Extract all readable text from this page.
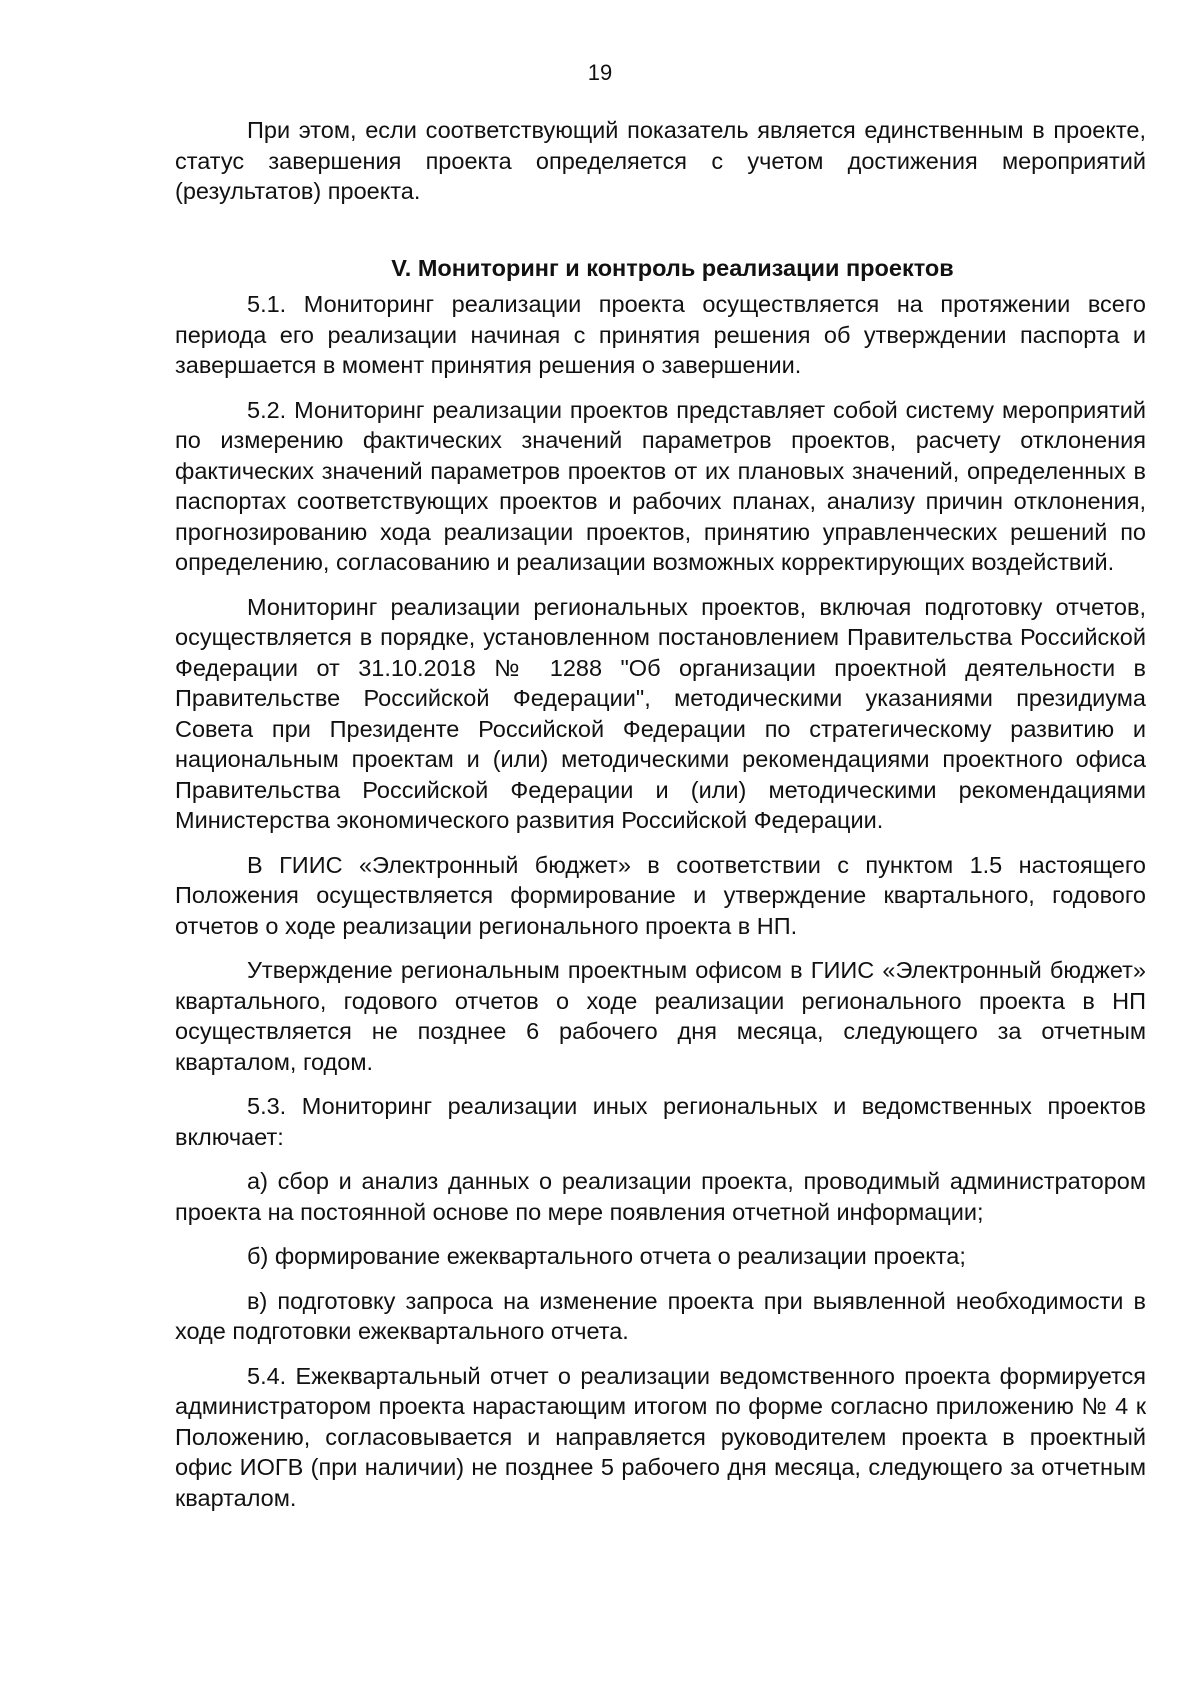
19

При этом, если соответствующий показатель является единственным в проекте, статус завершения проекта определяется с учетом достижения мероприятий (результатов) проекта.

V. Мониторинг и контроль реализации проектов

5.1. Мониторинг реализации проекта осуществляется на протяжении всего периода его реализации начиная с принятия решения об утверждении паспорта и завершается в момент принятия решения о завершении.

5.2. Мониторинг реализации проектов представляет собой систему мероприятий по измерению фактических значений параметров проектов, расчету отклонения фактических значений параметров проектов от их плановых значений, определенных в паспортах соответствующих проектов и рабочих планах, анализу причин отклонения, прогнозированию хода реализации проектов, принятию управленческих решений по определению, согласованию и реализации возможных корректирующих воздействий.

Мониторинг реализации региональных проектов, включая подготовку отчетов, осуществляется в порядке, установленном постановлением Правительства Российской Федерации от 31.10.2018 № 1288 "Об организации проектной деятельности в Правительстве Российской Федерации", методическими указаниями президиума Совета при Президенте Российской Федерации по стратегическому развитию и национальным проектам и (или) методическими рекомендациями проектного офиса Правительства Российской Федерации и (или) методическими рекомендациями Министерства экономического развития Российской Федерации.

В ГИИС «Электронный бюджет» в соответствии с пунктом 1.5 настоящего Положения осуществляется формирование и утверждение квартального, годового отчетов о ходе реализации регионального проекта в НП.

Утверждение региональным проектным офисом в ГИИС «Электронный бюджет» квартального, годового отчетов о ходе реализации регионального проекта в НП осуществляется не позднее 6 рабочего дня месяца, следующего за отчетным кварталом, годом.

5.3. Мониторинг реализации иных региональных и ведомственных проектов включает:

а) сбор и анализ данных о реализации проекта, проводимый администратором проекта на постоянной основе по мере появления отчетной информации;

б) формирование ежеквартального отчета о реализации проекта;

в) подготовку запроса на изменение проекта при выявленной необходимости в ходе подготовки ежеквартального отчета.

5.4. Ежеквартальный отчет о реализации ведомственного проекта формируется администратором проекта нарастающим итогом по форме согласно приложению № 4 к Положению, согласовывается и направляется руководителем проекта в проектный офис ИОГВ (при наличии) не позднее 5 рабочего дня месяца, следующего за отчетным кварталом.
